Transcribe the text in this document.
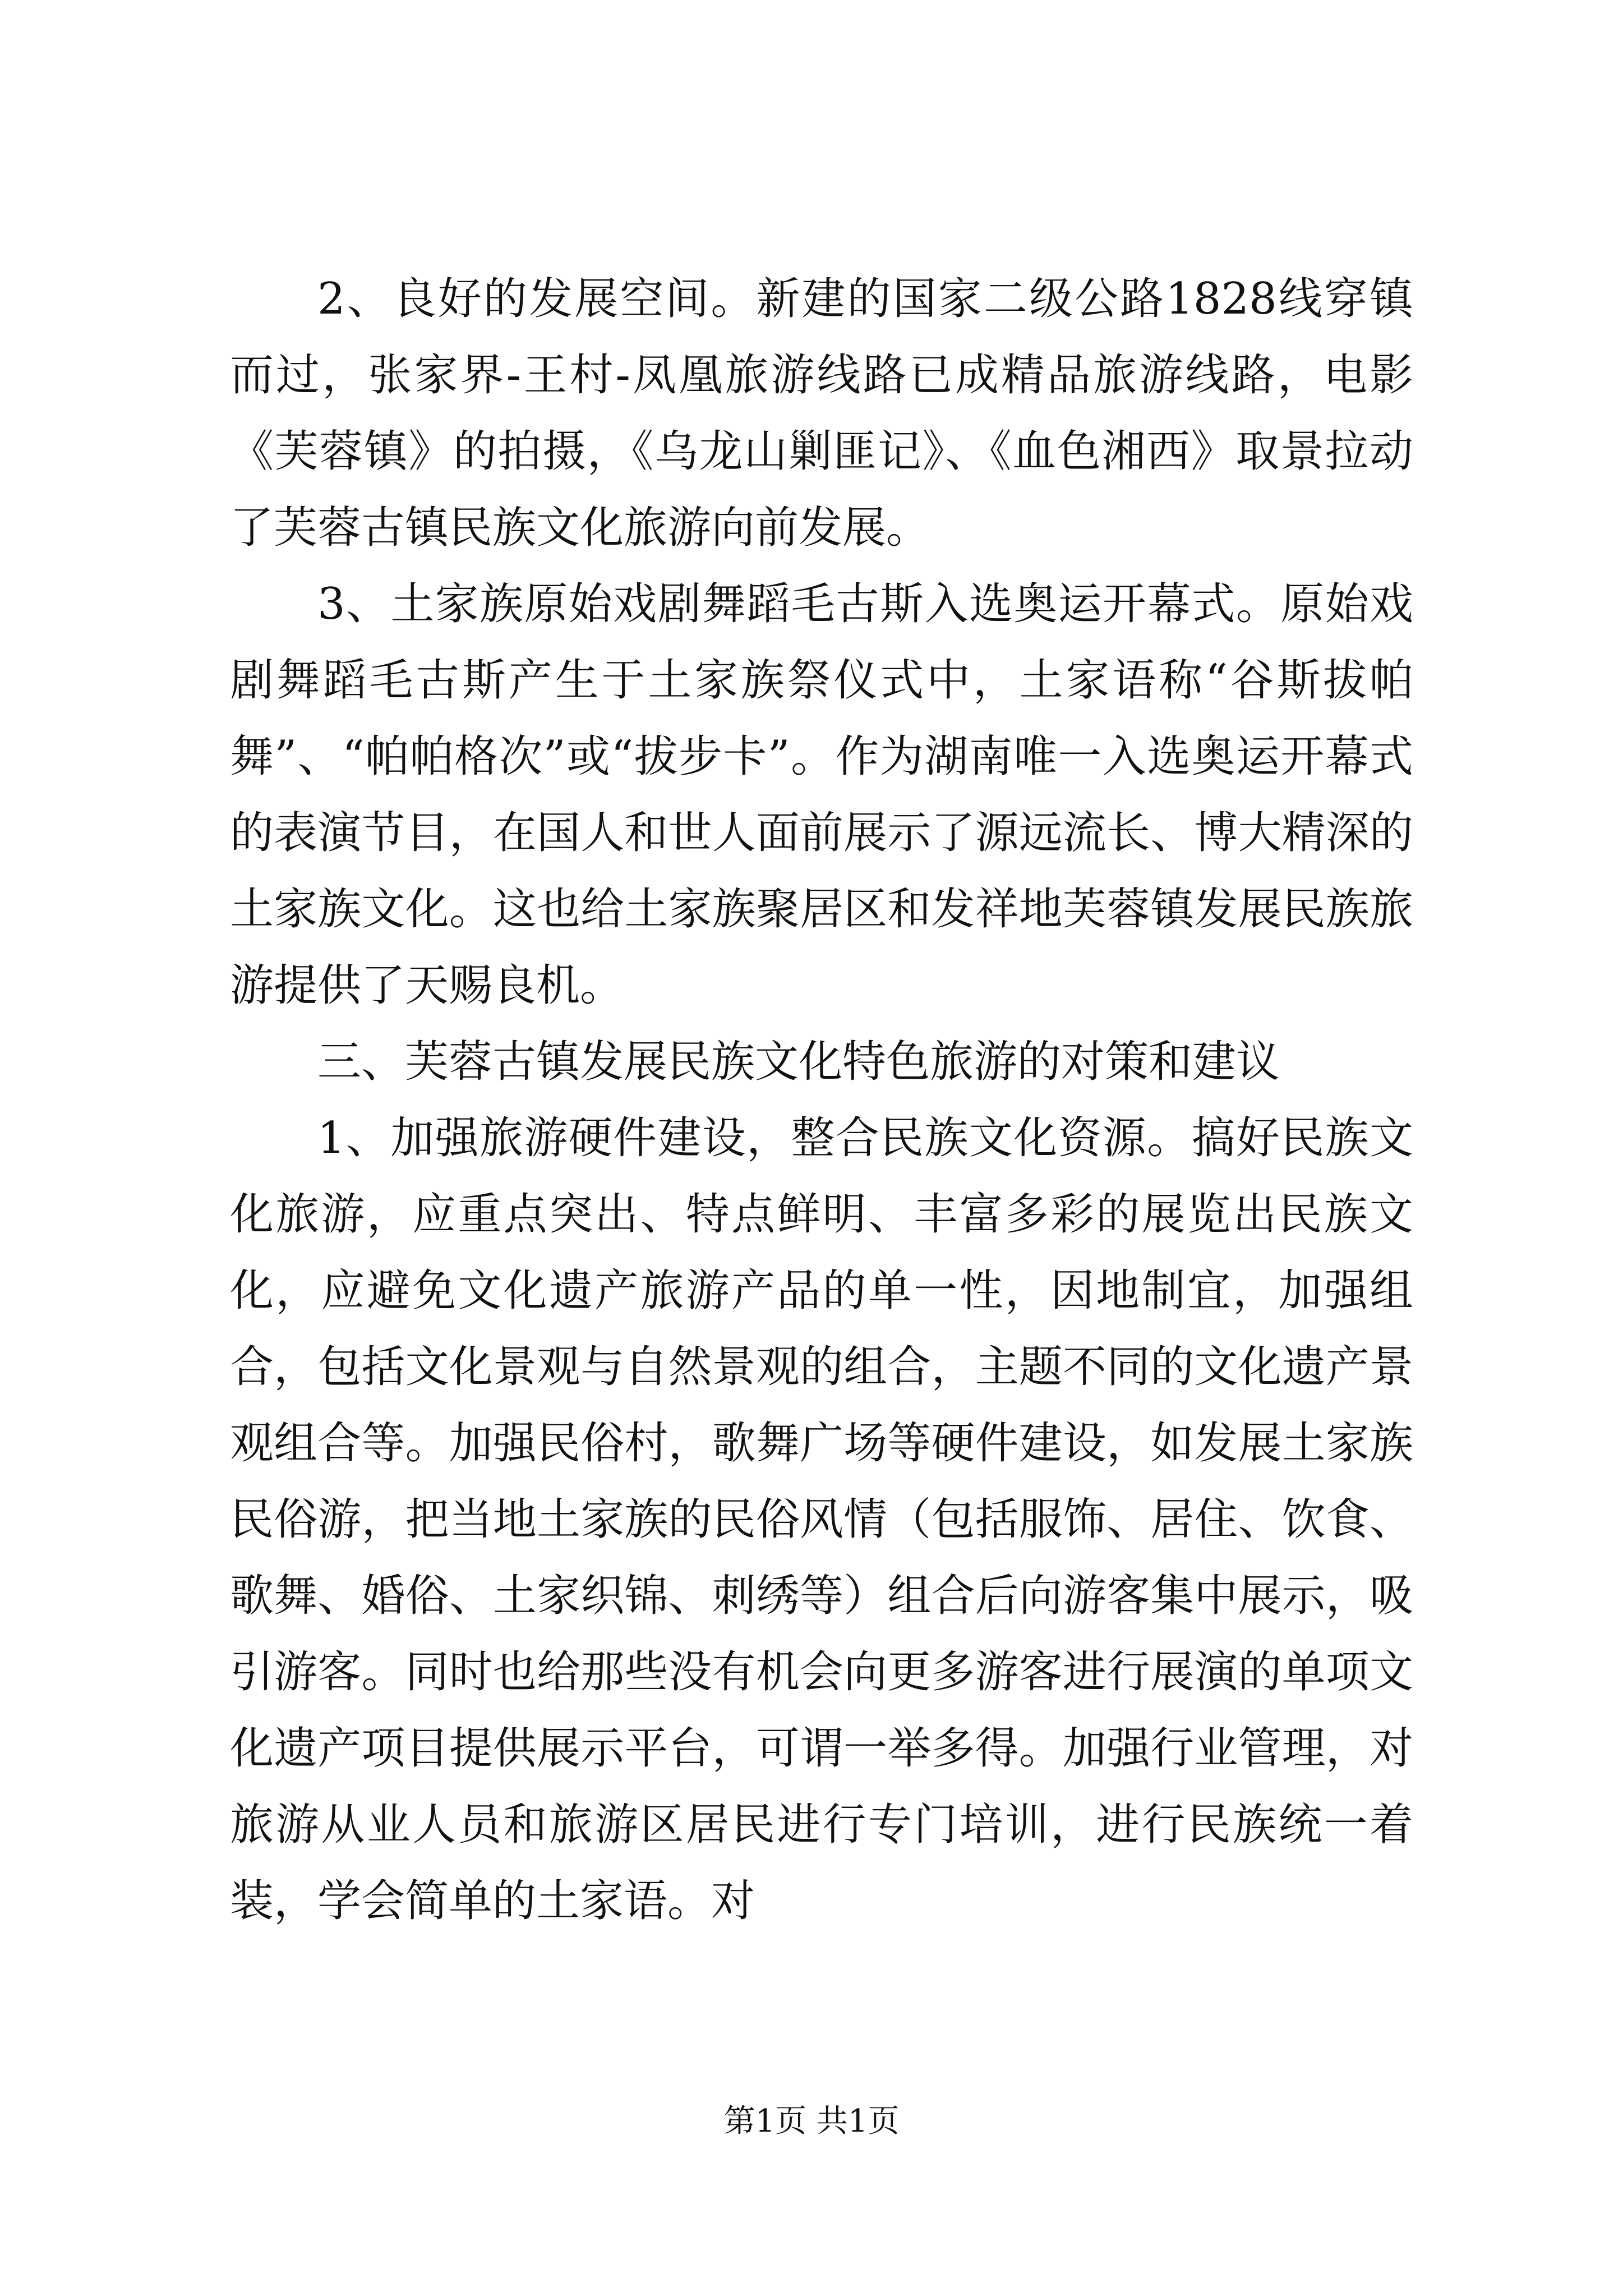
2、良好的发展空间。新建的国家二级公路1828线穿镇而过，张家界-王村-凤凰旅游线路已成精品旅游线路，电影《芙蓉镇》的拍摄，《乌龙山剿匪记》、《血色湘西》取景拉动了芙蓉古镇民族文化旅游向前发展。

3、土家族原始戏剧舞蹈毛古斯入选奥运开幕式。原始戏剧舞蹈毛古斯产生于土家族祭仪式中，土家语称“谷斯拔帕舞”、“帕帕格次”或“拔步卡”。作为湖南唯一入选奥运开幕式的表演节目，在国人和世人面前展示了源远流长、博大精深的土家族文化。这也给土家族聚居区和发祥地芙蓉镇发展民族旅游提供了天赐良机。

三、芙蓉古镇发展民族文化特色旅游的对策和建议

1、加强旅游硬件建设，整合民族文化资源。搞好民族文化旅游，应重点突出、特点鲜明、丰富多彩的展览出民族文化，应避免文化遗产旅游产品的单一性，因地制宜，加强组合，包括文化景观与自然景观的组合，主题不同的文化遗产景观组合等。加强民俗村，歌舞广场等硬件建设，如发展土家族民俗游，把当地土家族的民俗风情（包括服饰、居住、饮食、歌舞、婚俗、土家织锦、刺绣等）组合后向游客集中展示，吸引游客。同时也给那些没有机会向更多游客进行展演的单项文化遗产项目提供展示平台，可谓一举多得。加强行业管理，对旅游从业人员和旅游区居民进行专门培训，进行民族统一着装，学会简单的土家语。对

第1页 共1页
